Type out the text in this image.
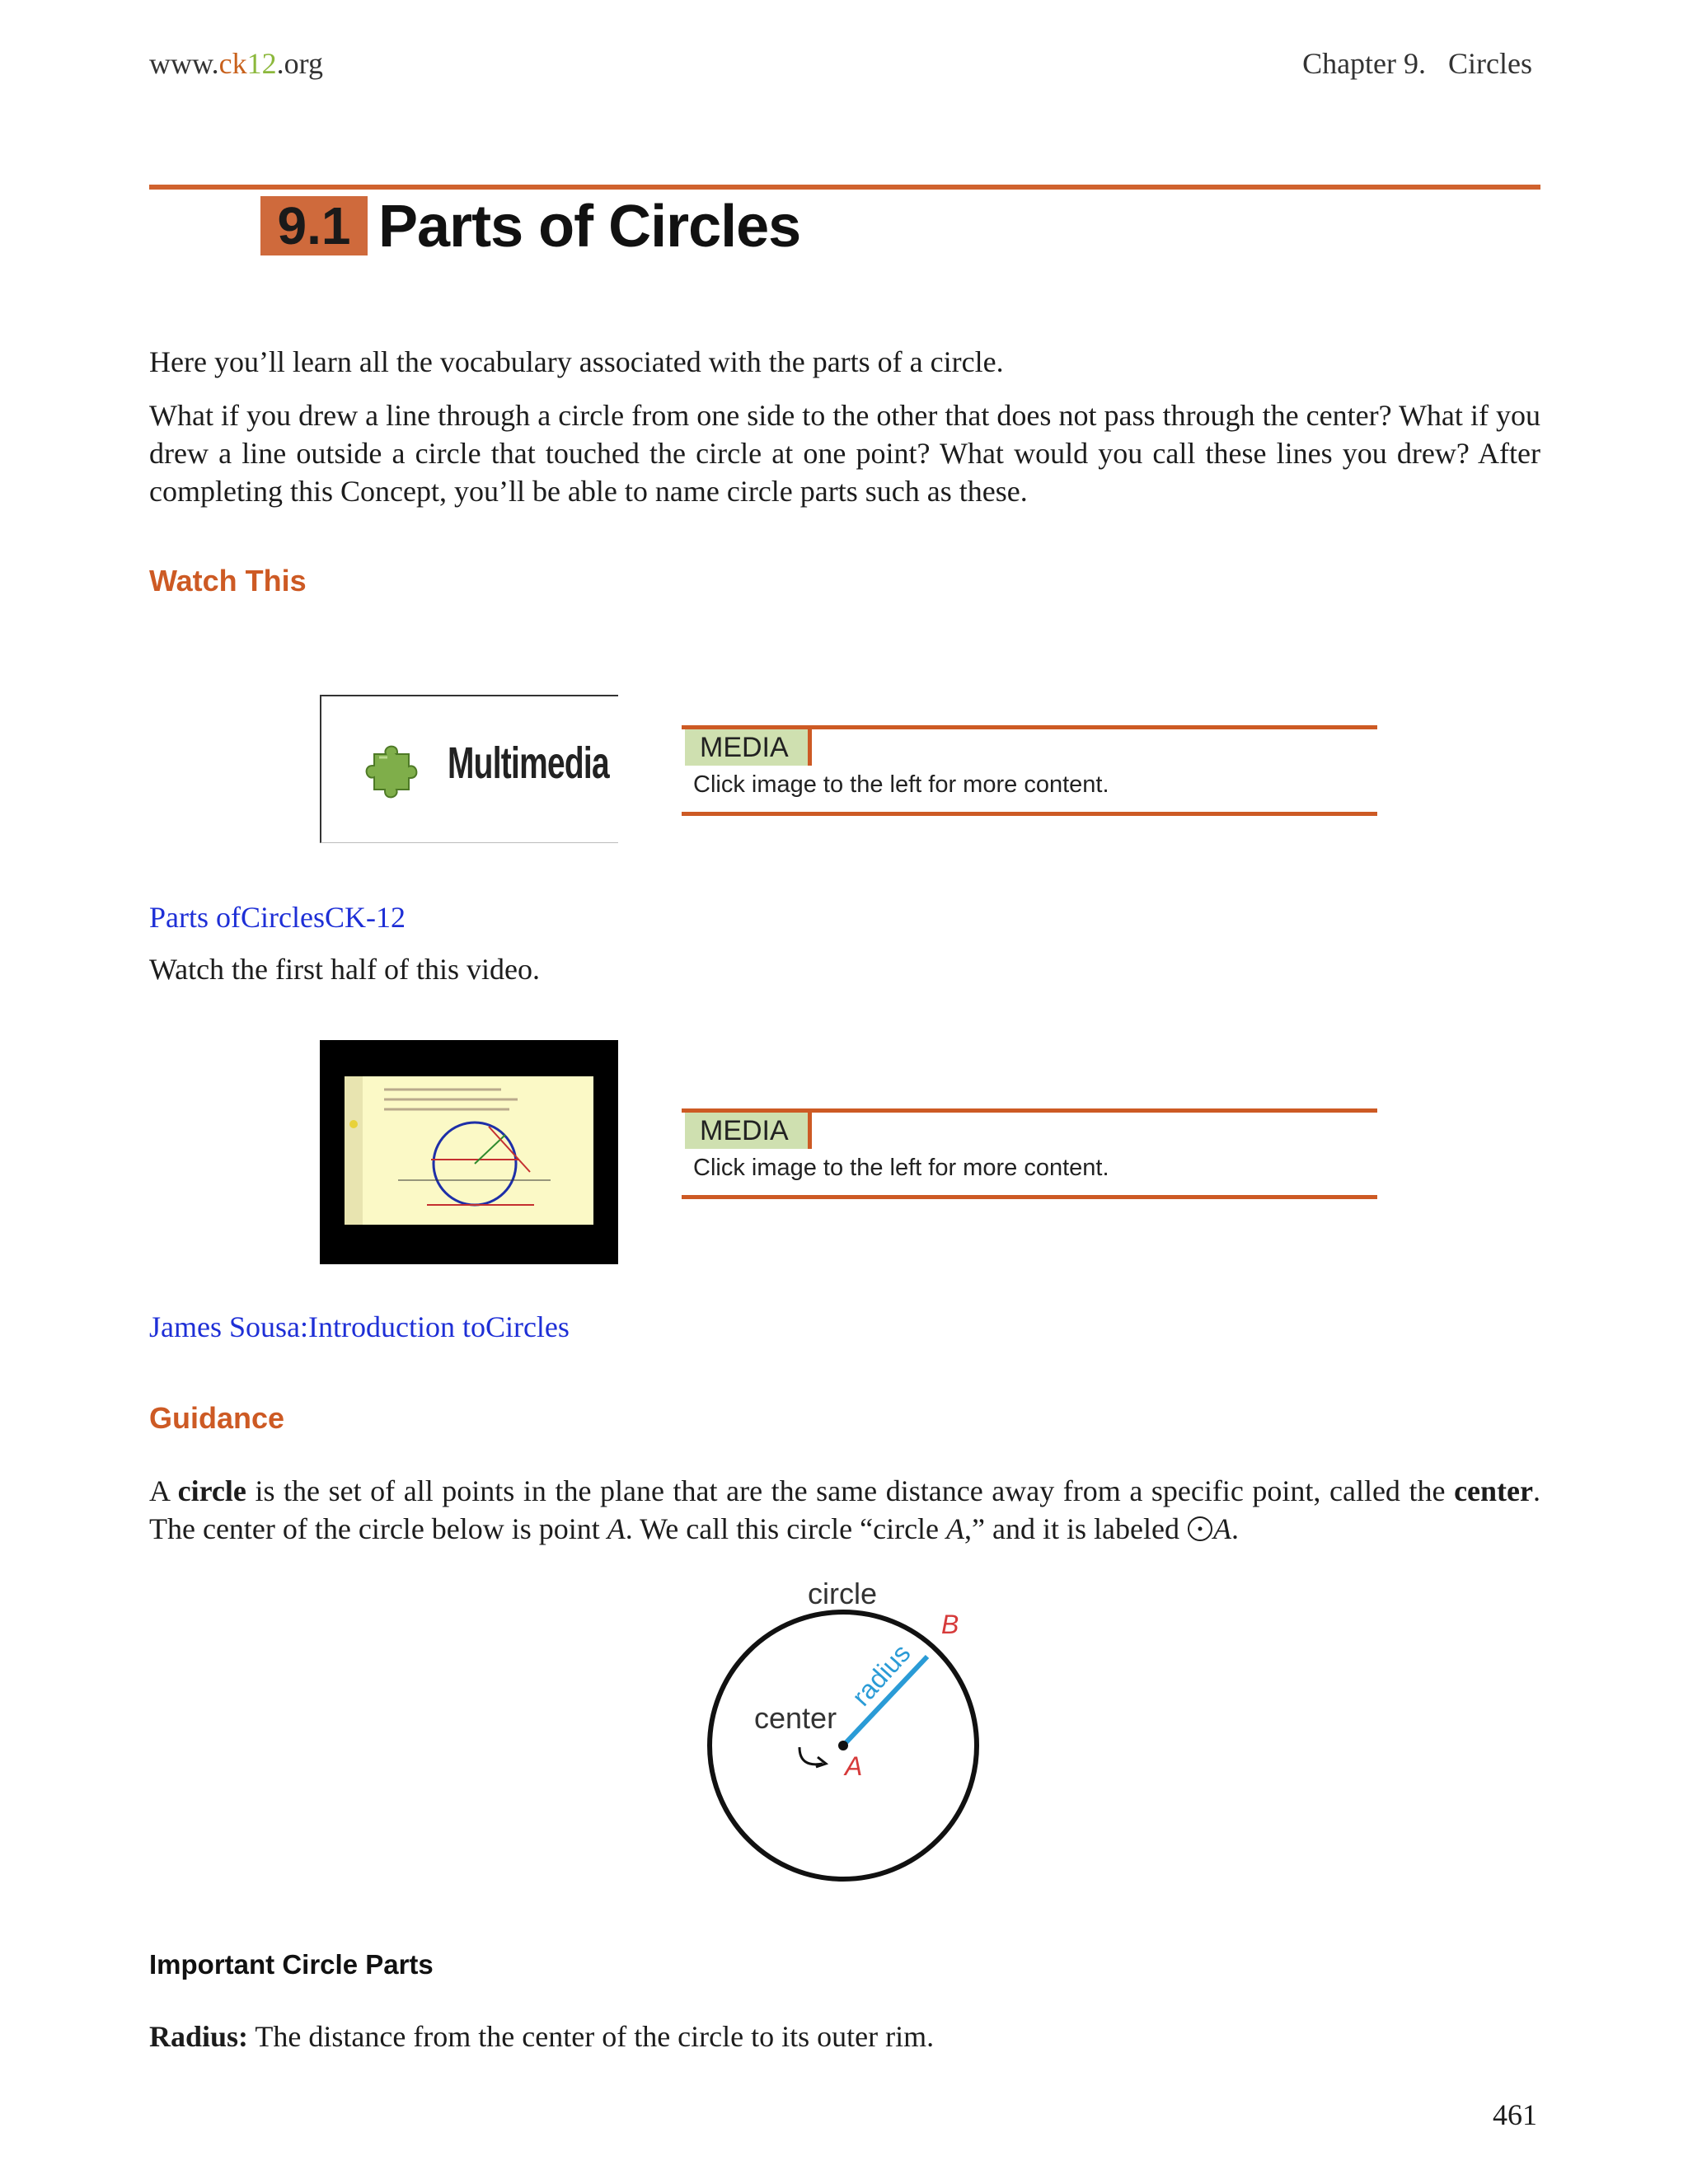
www.ck12.org	Chapter 9.   Circles
9.1 Parts of Circles
Here you’ll learn all the vocabulary associated with the parts of a circle.
What if you drew a line through a circle from one side to the other that does not pass through the center? What if you drew a line outside a circle that touched the circle at one point? What would you call these lines you drew? After completing this Concept, you’ll be able to name circle parts such as these.
Watch This
Multimedia	MEDIA
Click image to the left for more content.
Parts ofCirclesCK-12
Watch the first half of this video.
MEDIA
Click image to the left for more content.
James Sousa:Introduction toCircles
Guidance
A circle is the set of all points in the plane that are the same distance away from a specific point, called the center. The center of the circle below is point A. We call this circle “circle A,” and it is labeled A.
circle
B
radius
center
A
Important Circle Parts
Radius: The distance from the center of the circle to its outer rim.
461
